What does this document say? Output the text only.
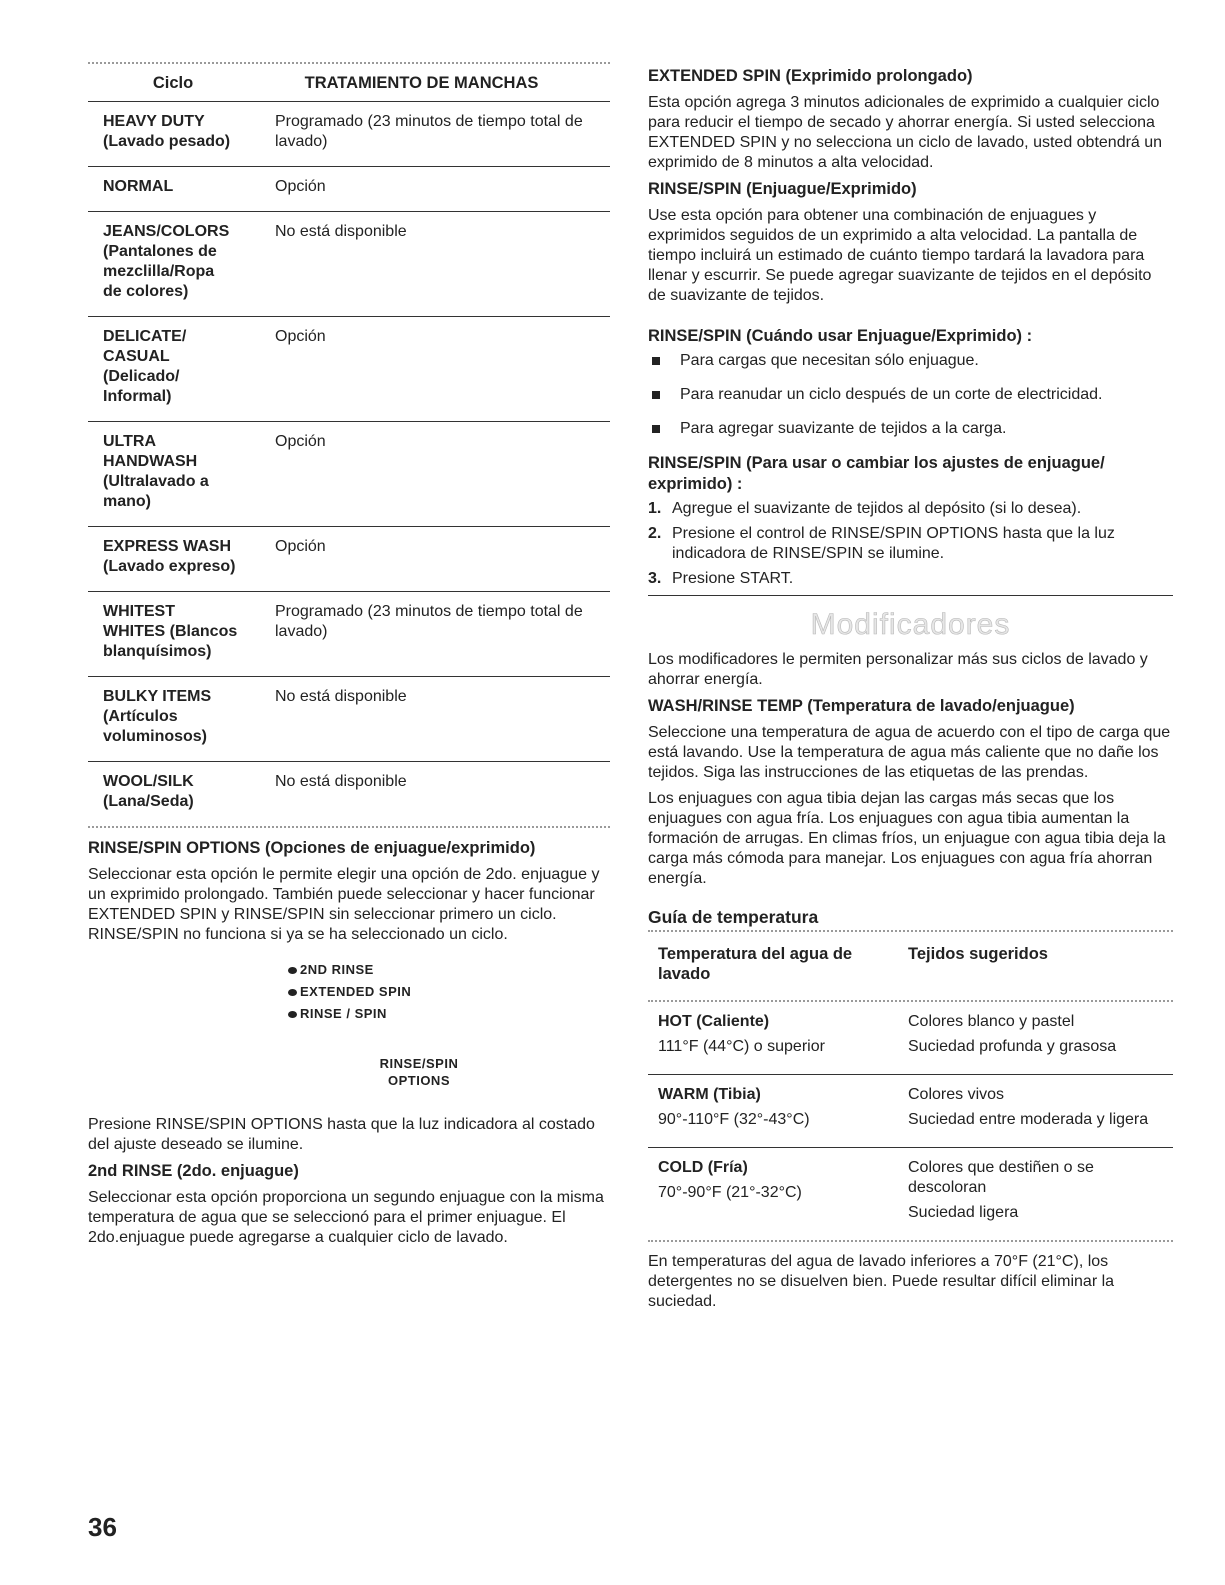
Ciclo	TRATAMIENTO DE MANCHAS
HEAVY DUTY
(Lavado pesado)
Programado (23 minutos de tiempo total de lavado)
NORMAL	Opción
JEANS/COLORS
(Pantalones de
mezclilla/Ropa
de colores)
No está disponible
DELICATE/
CASUAL
(Delicado/
Informal)
Opción
ULTRA
HANDWASH
(Ultralavado a
mano)
Opción
EXPRESS WASH
(Lavado expreso)
Opción
WHITEST
WHITES (Blancos
blanquísimos)
Programado (23 minutos de tiempo total de lavado)
BULKY ITEMS
(Artículos
voluminosos)
No está disponible
WOOL/SILK
(Lana/Seda)
No está disponible
RINSE/SPIN OPTIONS (Opciones de enjuague/exprimido)

Seleccionar esta opción le permite elegir una opción de 2do. enjuague y un exprimido prolongado. También puede seleccionar y hacer funcionar EXTENDED SPIN y RINSE/SPIN sin seleccionar primero un ciclo. RINSE/SPIN no funciona si ya se ha seleccionado un ciclo.

2ND RINSE
EXTENDED SPIN
RINSE / SPIN
RINSE/SPIN
OPTIONS

Presione RINSE/SPIN OPTIONS hasta que la luz indicadora al costado del ajuste deseado se ilumine.

2nd RINSE (2do. enjuague)

Seleccionar esta opción proporciona un segundo enjuague con la misma temperatura de agua que se seleccionó para el primer enjuague. El 2do.enjuague puede agregarse a cualquier ciclo de lavado.

EXTENDED SPIN (Exprimido prolongado)

Esta opción agrega 3 minutos adicionales de exprimido a cualquier ciclo para reducir el tiempo de secado y ahorrar energía. Si usted selecciona EXTENDED SPIN y no selecciona un ciclo de lavado, usted obtendrá un exprimido de 8 minutos a alta velocidad.

RINSE/SPIN (Enjuague/Exprimido)

Use esta opción para obtener una combinación de enjuagues y exprimidos seguidos de un exprimido a alta velocidad. La pantalla de tiempo incluirá un estimado de cuánto tiempo tardará la lavadora para llenar y escurrir. Se puede agregar suavizante de tejidos en el depósito de suavizante de tejidos.

RINSE/SPIN (Cuándo usar Enjuague/Exprimido) :
Para cargas que necesitan sólo enjuague.
Para reanudar un ciclo después de un corte de electricidad.
Para agregar suavizante de tejidos a la carga.
RINSE/SPIN (Para usar o cambiar los ajustes de enjuague/ exprimido) :
1. Agregue el suavizante de tejidos al depósito (si lo desea).
2. Presione el control de RINSE/SPIN OPTIONS hasta que la luz indicadora de RINSE/SPIN se ilumine.
3. Presione START.
Modificadores

Los modificadores le permiten personalizar más sus ciclos de lavado y ahorrar energía.

WASH/RINSE TEMP (Temperatura de lavado/enjuague)

Seleccione una temperatura de agua de acuerdo con el tipo de carga que está lavando. Use la temperatura de agua más caliente que no dañe los tejidos. Siga las instrucciones de las etiquetas de las prendas.

Los enjuagues con agua tibia dejan las cargas más secas que los enjuagues con agua fría. Los enjuagues con agua tibia aumentan la formación de arrugas. En climas fríos, un enjuague con agua tibia deja la carga más cómoda para manejar. Los enjuagues con agua fría ahorran energía.

Guía de temperatura
Temperatura del agua de lavado
Tejidos sugeridos
HOT (Caliente)
111°F (44°C) o superior
Colores blanco y pastel
Suciedad profunda y grasosa
WARM (Tibia)
90°-110°F (32°-43°C)
Colores vivos
Suciedad entre moderada y ligera
COLD (Fría)
70°-90°F (21°-32°C)
Colores que destiñen o se descoloran
Suciedad ligera

En temperaturas del agua de lavado inferiores a 70°F (21°C), los detergentes no se disuelven bien. Puede resultar difícil eliminar la suciedad.

36
